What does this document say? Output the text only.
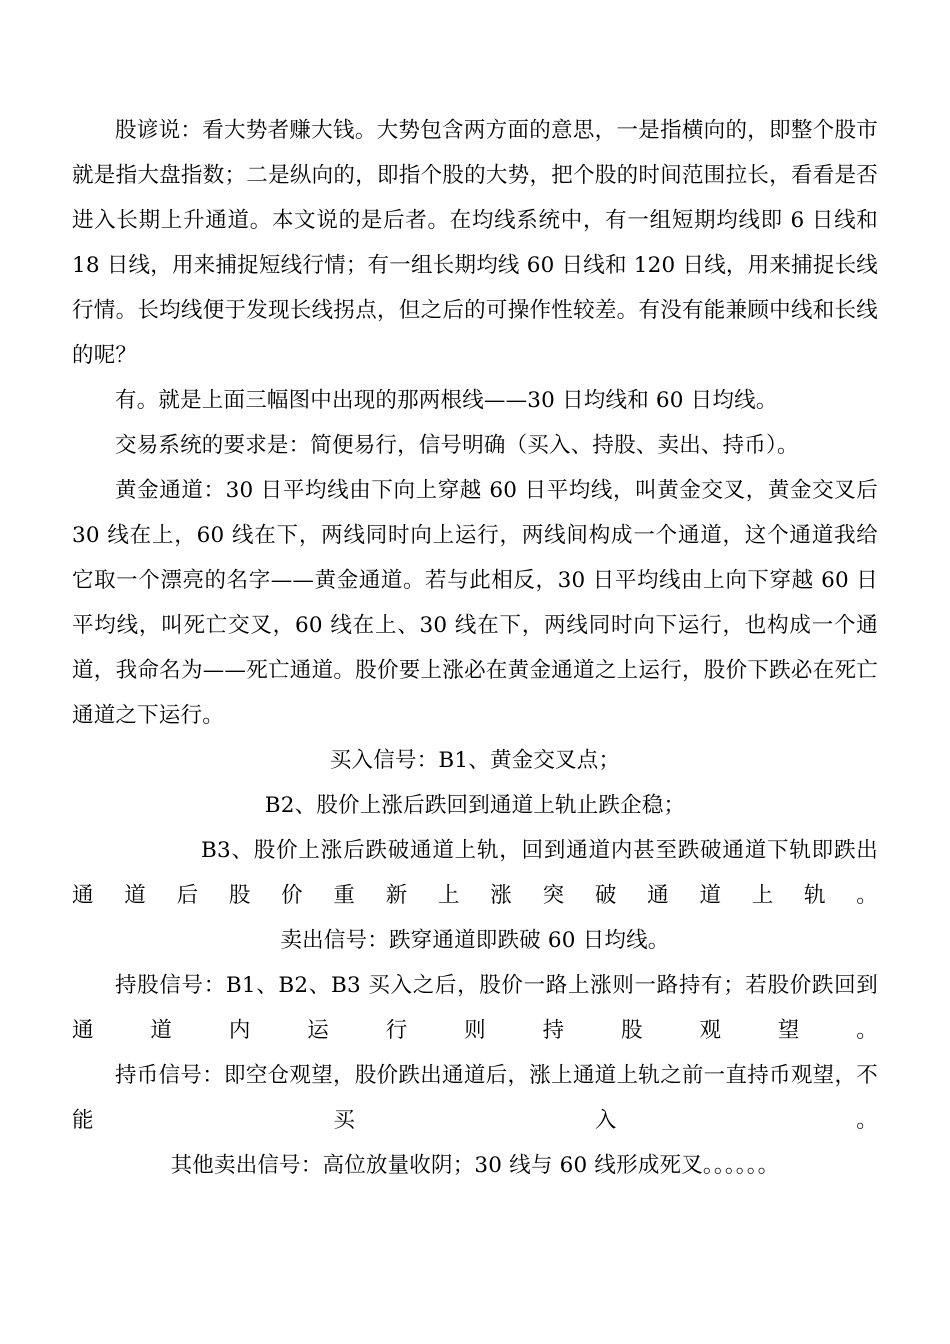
股谚说：看大势者赚大钱。大势包含两方面的意思，一是指横向的，即整个股市就是指大盘指数；二是纵向的，即指个股的大势，把个股的时间范围拉长，看看是否进入长期上升通道。本文说的是后者。在均线系统中，有一组短期均线即 6 日线和 18 日线，用来捕捉短线行情；有一组长期均线 60 日线和 120 日线，用来捕捉长线行情。长均线便于发现长线拐点，但之后的可操作性较差。有没有能兼顾中线和长线的呢？

有。就是上面三幅图中出现的那两根线——30 日均线和 60 日均线。

交易系统的要求是：简便易行，信号明确（买入、持股、卖出、持币）。

黄金通道：30 日平均线由下向上穿越 60 日平均线，叫黄金交叉，黄金交叉后 30 线在上，60 线在下，两线同时向上运行，两线间构成一个通道，这个通道我给它取一个漂亮的名字——黄金通道。若与此相反，30 日平均线由上向下穿越 60 日平均线，叫死亡交叉，60 线在上、30 线在下，两线同时向下运行，也构成一个通道，我命名为——死亡通道。股价要上涨必在黄金通道之上运行，股价下跌必在死亡通道之下运行。

买入信号：B1、黄金交叉点；

B2、股价上涨后跌回到通道上轨止跌企稳；

B3、股价上涨后跌破通道上轨，回到通道内甚至跌破通道下轨即跌出通道后股价重新上涨突破通道上轨。

卖出信号：跌穿通道即跌破 60 日均线。

持股信号：B1、B2、B3 买入之后，股价一路上涨则一路持有；若股价跌回到通道内运行则持股观望。

持币信号：即空仓观望，股价跌出通道后，涨上通道上轨之前一直持币观望，不能买入。

其他卖出信号：高位放量收阴；30 线与 60 线形成死叉。。。。。。
